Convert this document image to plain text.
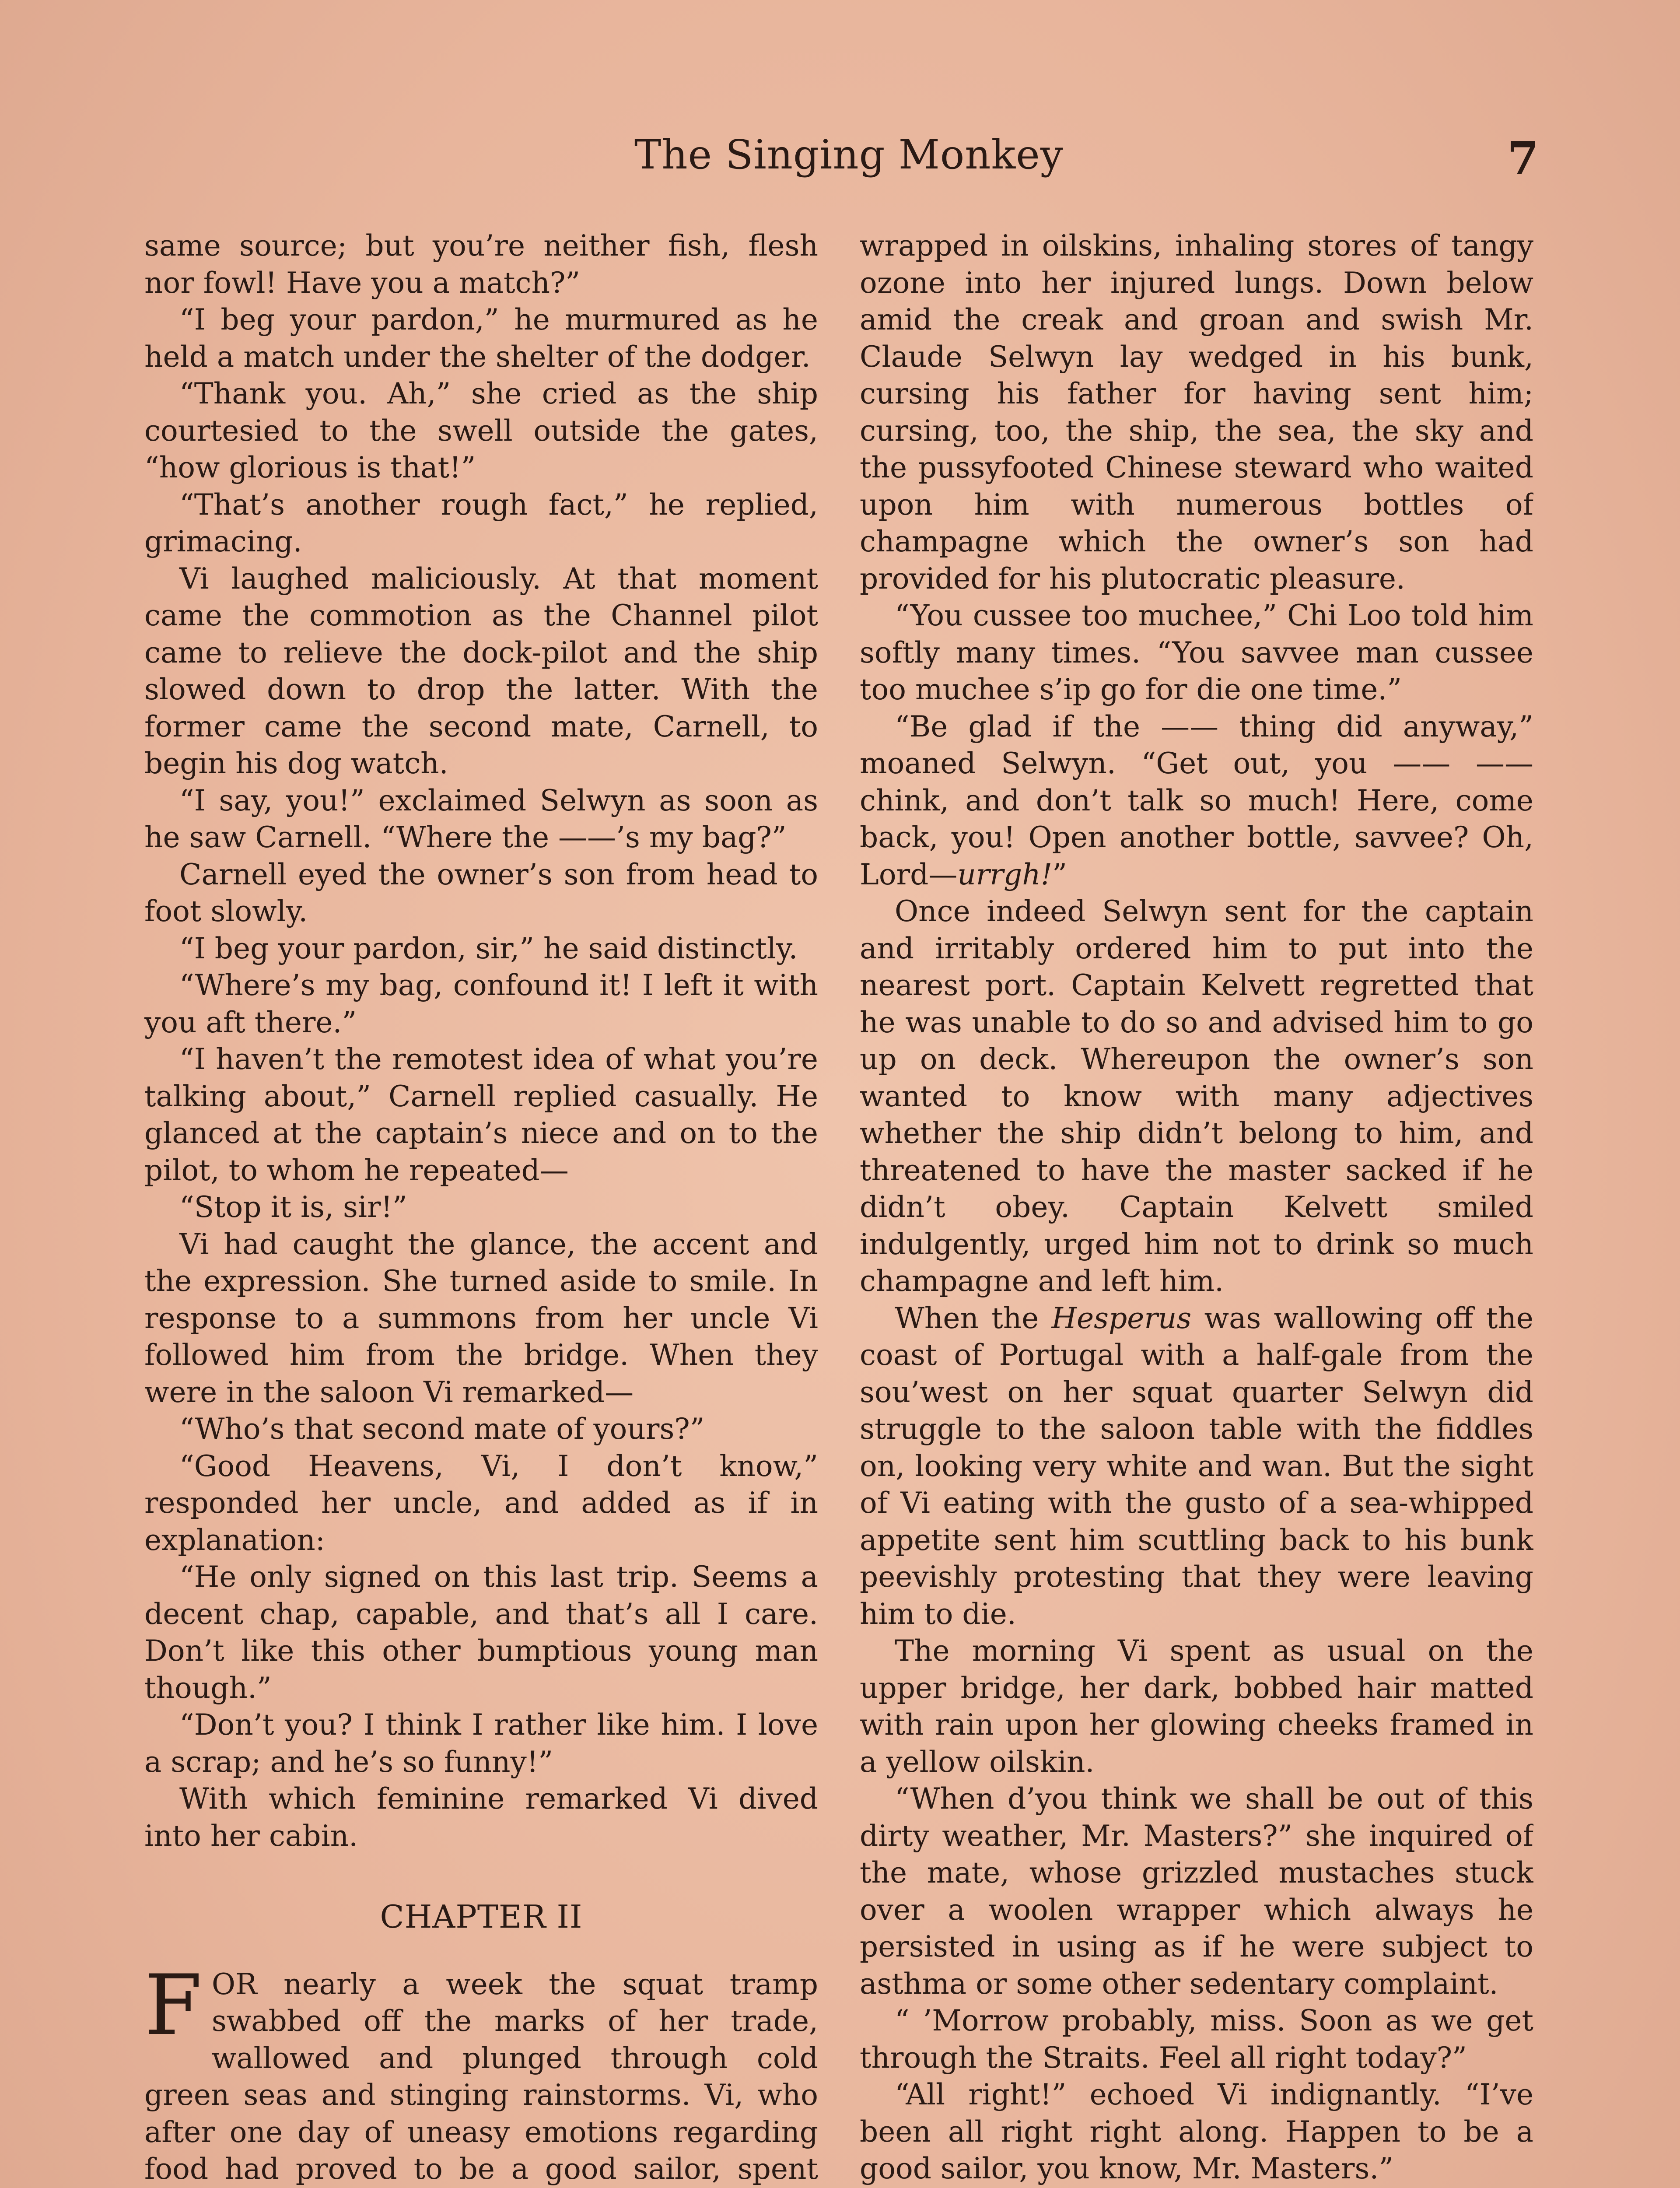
The Singing Monkey	7

same source; but you’re neither fish, flesh nor fowl! Have you a match?”

“I beg your pardon,” he murmured as he held a match under the shelter of the dodger.

“Thank you. Ah,” she cried as the ship courtesied to the swell outside the gates, “how glorious is that!”

“That’s another rough fact,” he replied, grimacing.

Vi laughed maliciously. At that moment came the commotion as the Channel pilot came to relieve the dock-pilot and the ship slowed down to drop the latter. With the former came the second mate, Carnell, to begin his dog watch.

“I say, you!” exclaimed Selwyn as soon as he saw Carnell. “Where the ——’s my bag?”

Carnell eyed the owner’s son from head to foot slowly.

“I beg your pardon, sir,” he said distinctly.

“Where’s my bag, confound it! I left it with you aft there.”

“I haven’t the remotest idea of what you’re talking about,” Carnell replied casually. He glanced at the captain’s niece and on to the pilot, to whom he repeated—

“Stop it is, sir!”

Vi had caught the glance, the accent and the expression. She turned aside to smile. In response to a summons from her uncle Vi followed him from the bridge. When they were in the saloon Vi remarked—

“Who’s that second mate of yours?”

“Good Heavens, Vi, I don’t know,” responded her uncle, and added as if in explanation:

“He only signed on this last trip. Seems a decent chap, capable, and that’s all I care. Don’t like this other bumptious young man though.”

“Don’t you? I think I rather like him. I love a scrap; and he’s so funny!”

With which feminine remarked Vi dived into her cabin.

CHAPTER II

FOR nearly a week the squat tramp swabbed off the marks of her trade, wallowed and plunged through cold green seas and stinging rainstorms. Vi, who after one day of uneasy emotions regarding food had proved to be a good sailor, spent

wrapped in oilskins, inhaling stores of tangy ozone into her injured lungs. Down below amid the creak and groan and swish Mr. Claude Selwyn lay wedged in his bunk, cursing his father for having sent him; cursing, too, the ship, the sea, the sky and the pussyfooted Chinese steward who waited upon him with numerous bottles of champagne which the owner’s son had provided for his plutocratic pleasure.

“You cussee too muchee,” Chi Loo told him softly many times. “You savvee man cussee too muchee s’ip go for die one time.”

“Be glad if the —— thing did anyway,” moaned Selwyn. “Get out, you —— —— chink, and don’t talk so much! Here, come back, you! Open another bottle, savvee? Oh, Lord—urrgh!”

Once indeed Selwyn sent for the captain and irritably ordered him to put into the nearest port. Captain Kelvett regretted that he was unable to do so and advised him to go up on deck. Whereupon the owner’s son wanted to know with many adjectives whether the ship didn’t belong to him, and threatened to have the master sacked if he didn’t obey. Captain Kelvett smiled indulgently, urged him not to drink so much champagne and left him.

When the Hesperus was wallowing off the coast of Portugal with a half-gale from the sou’west on her squat quarter Selwyn did struggle to the saloon table with the fiddles on, looking very white and wan. But the sight of Vi eating with the gusto of a sea-whipped appetite sent him scuttling back to his bunk peevishly protesting that they were leaving him to die.

The morning Vi spent as usual on the upper bridge, her dark, bobbed hair matted with rain upon her glowing cheeks framed in a yellow oilskin.

“When d’you think we shall be out of this dirty weather, Mr. Masters?” she inquired of the mate, whose grizzled mustaches stuck over a woolen wrapper which always he persisted in using as if he were subject to asthma or some other sedentary complaint.

“ ’Morrow probably, miss. Soon as we get through the Straits. Feel all right today?”

“All right!” echoed Vi indignantly. “I’ve been all right right along. Happen to be a good sailor, you know, Mr. Masters.”
